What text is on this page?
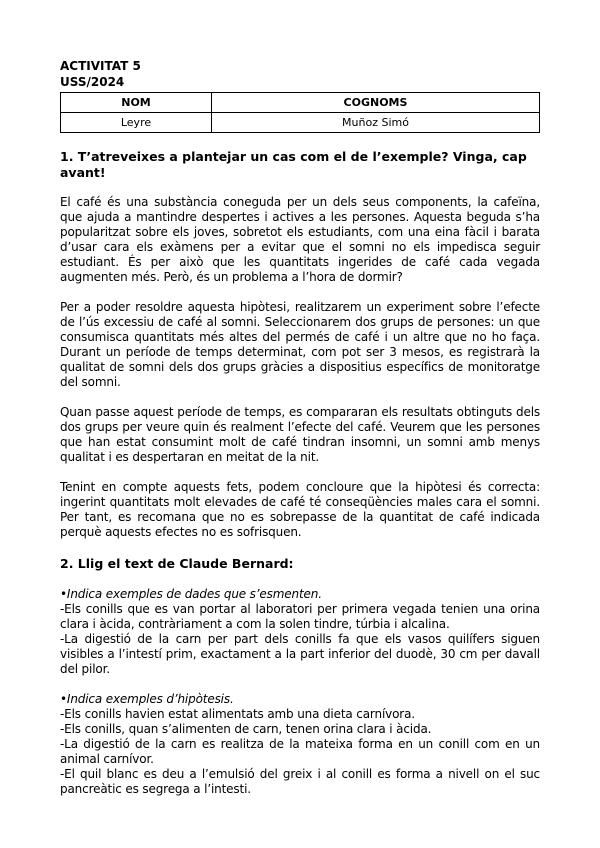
ACTIVITAT 5
USS/2024
NOM	COGNOMS
Leyre	Muñoz Simó
1. T’atreveixes a plantejar un cas com el de l’exemple? Vinga, cap avant!

El café és una substància coneguda per un dels seus components, la cafeïna, que ajuda a mantindre despertes i actives a les persones. Aquesta beguda s’ha popularitzat sobre els joves, sobretot els estudiants, com una eina fàcil i barata d’usar cara els exàmens per a evitar que el somni no els impedisca seguir estudiant. És per això que les quantitats ingerides de café cada vegada augmenten més. Però, és un problema a l’hora de dormir?

Per a poder resoldre aquesta hipòtesi, realitzarem un experiment sobre l’efecte de l’ús excessiu de café al somni. Seleccionarem dos grups de persones: un que consumisca quantitats més altes del permés de café i un altre que no ho faça. Durant un període de temps determinat, com pot ser 3 mesos, es registrarà la qualitat de somni dels dos grups gràcies a dispositius específics de monitoratge del somni.

Quan passe aquest període de temps, es compararan els resultats obtinguts dels dos grups per veure quin és realment l’efecte del café. Veurem que les persones que han estat consumint molt de café tindran insomni, un somni amb menys qualitat i es despertaran en meitat de la nit.

Tenint en compte aquests fets, podem concloure que la hipòtesi és correcta: ingerint quantitats molt elevades de café té conseqüències males cara el somni. Per tant, es recomana que no es sobrepasse de la quantitat de café indicada perquè aquests efectes no es sofrisquen.

2. Llig el text de Claude Bernard:

•Indica exemples de dades que s’esmenten.

-Els conills que es van portar al laboratori per primera vegada tenien una orina clara i àcida, contràriament a com la solen tindre, túrbia i alcalina.

-La digestió de la carn per part dels conills fa que els vasos quilífers siguen visibles a l’intestí prim, exactament a la part inferior del duodè, 30 cm per davall del pilor.

•Indica exemples d’hipòtesis.

-Els conills havien estat alimentats amb una dieta carnívora.

-Els conills, quan s’alimenten de carn, tenen orina clara i àcida.

-La digestió de la carn es realitza de la mateixa forma en un conill com en un animal carnívor.

-El quil blanc es deu a l’emulsió del greix i al conill es forma a nivell on el suc pancreàtic es segrega a l’intesti.
